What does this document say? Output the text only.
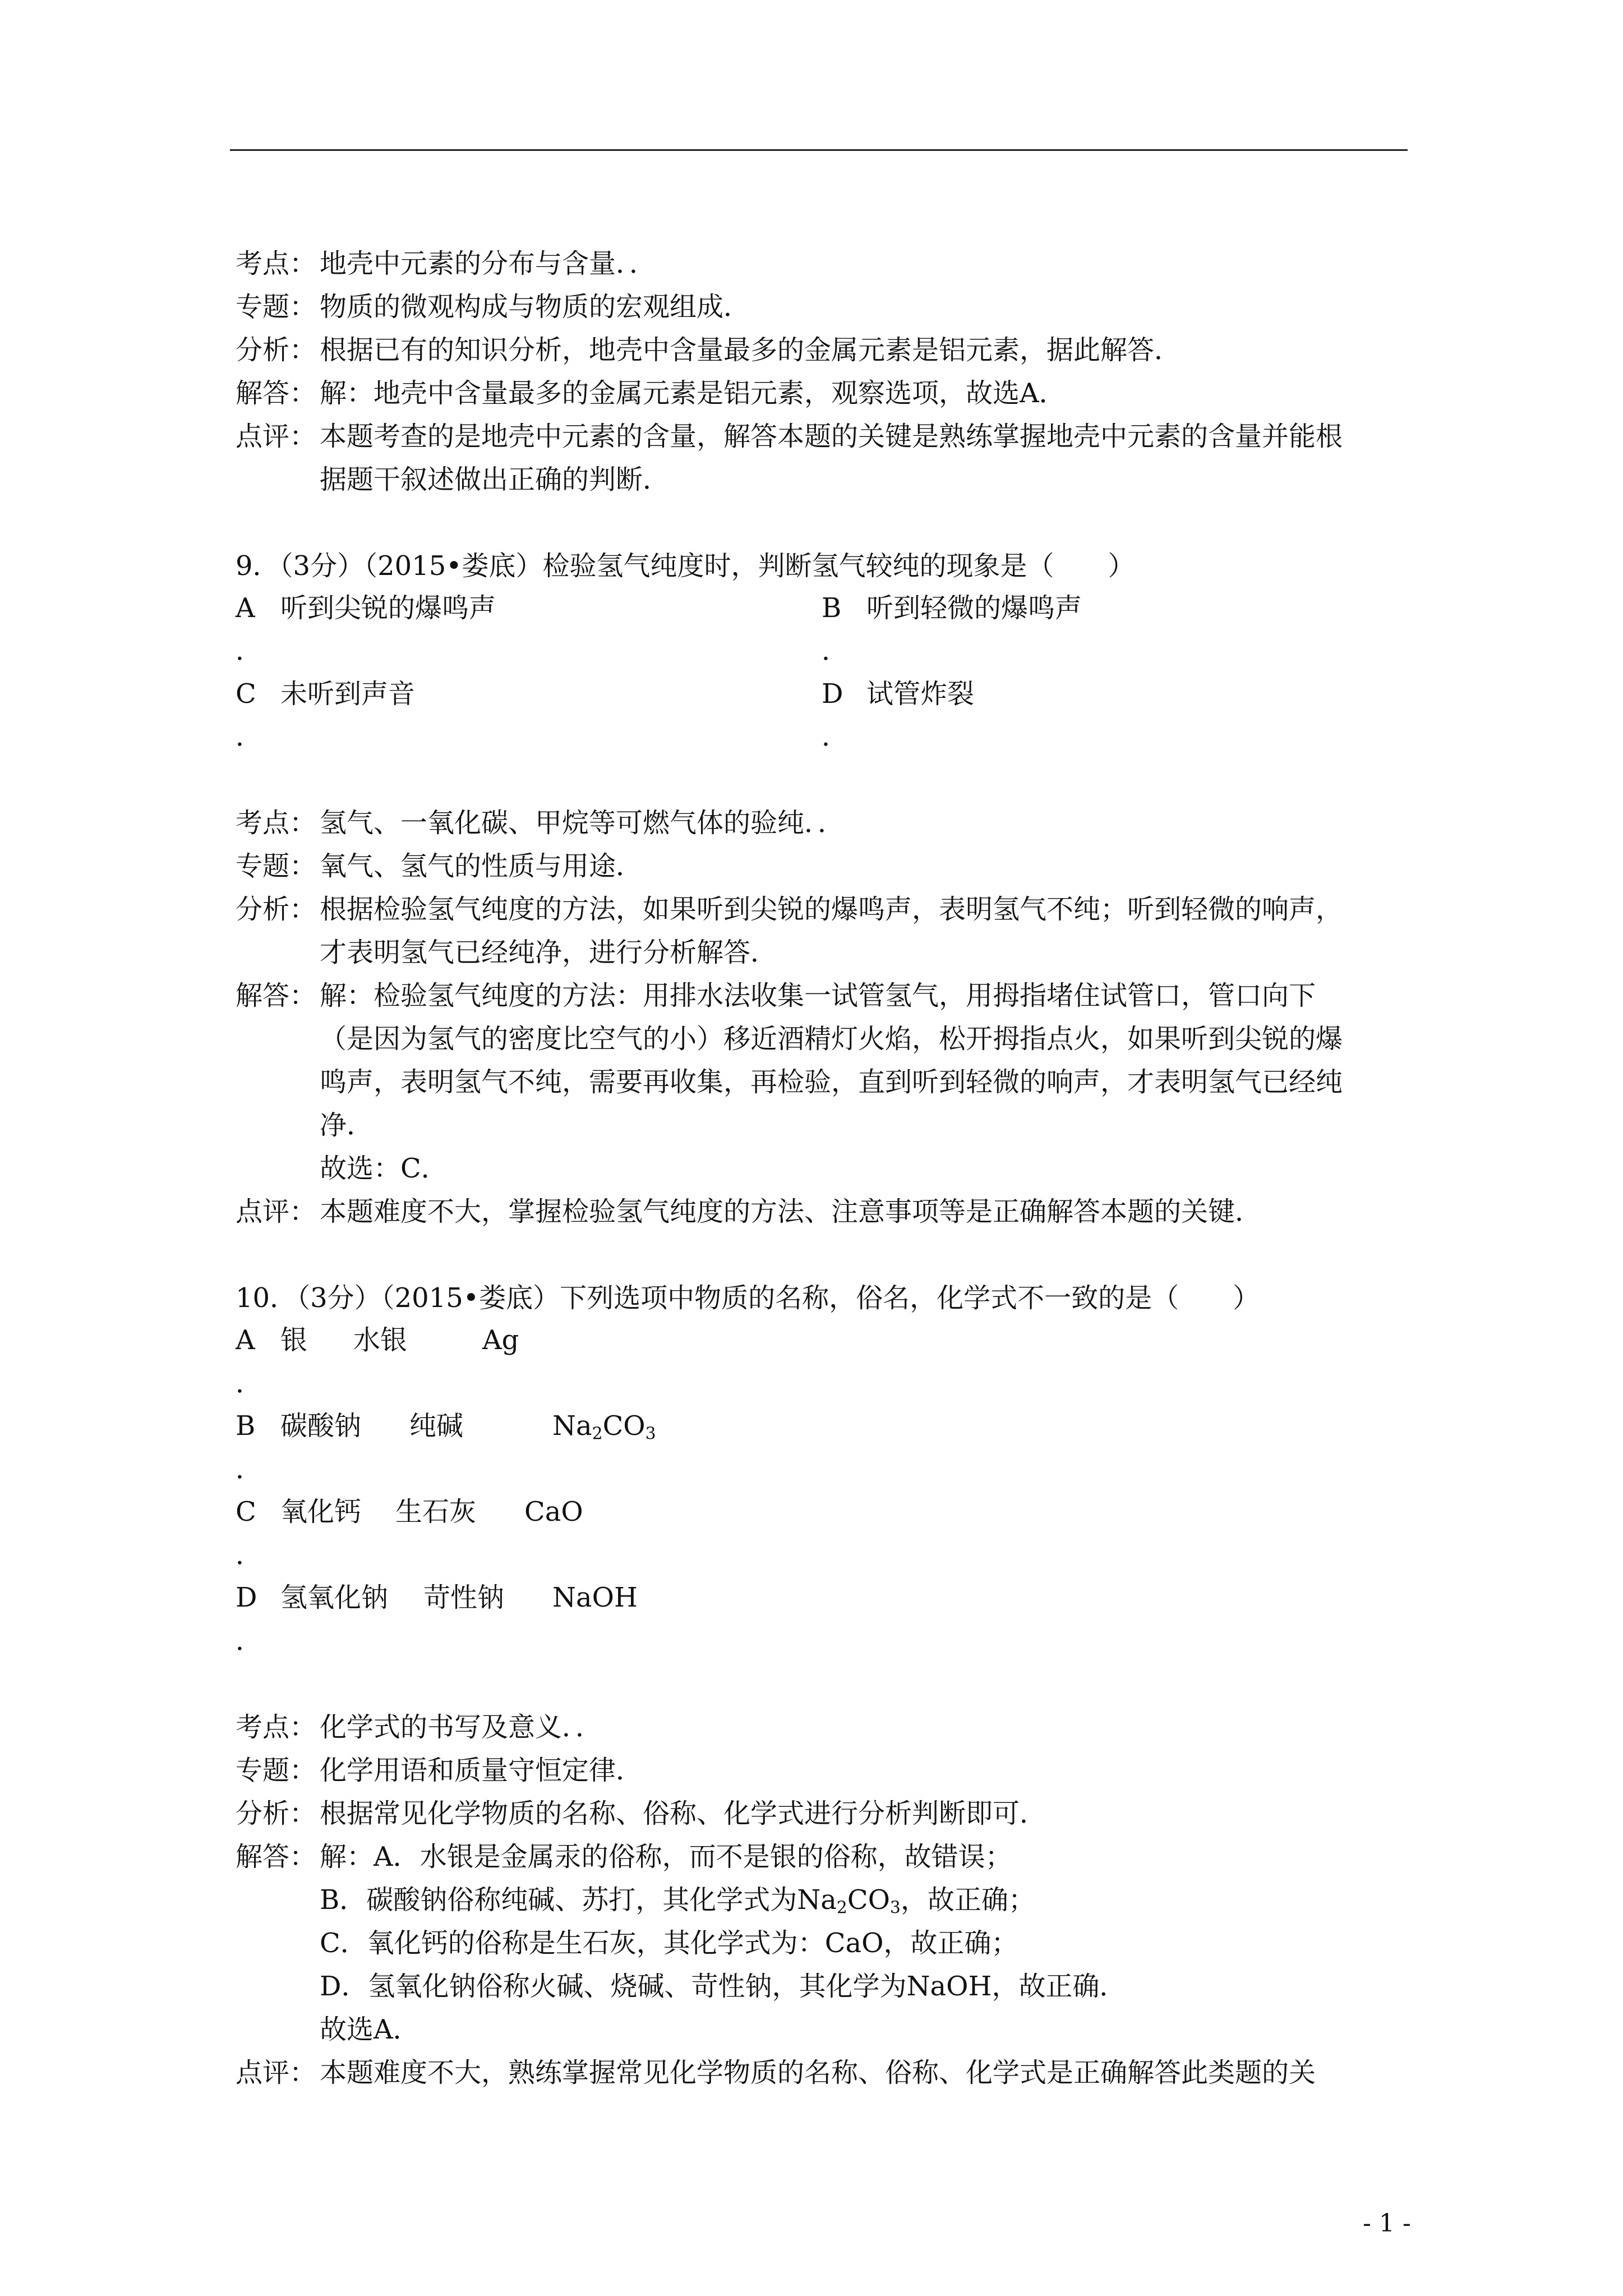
考点： 地壳中元素的分布与含量．．
专题： 物质的微观构成与物质的宏观组成．
分析： 根据已有的知识分析，地壳中含量最多的金属元素是铝元素，据此解答．
解答： 解：地壳中含量最多的金属元素是铝元素，观察选项，故选A．
点评： 本题考查的是地壳中元素的含量，解答本题的关键是熟练掌握地壳中元素的含量并能根
据题干叙述做出正确的判断．
9．（3分）（2015•娄底）检验氢气纯度时，判断氢气较纯的现象是（　　）
A 听到尖锐的爆鸣声
．
B 听到轻微的爆鸣声
．
C 未听到声音
．
D 试管炸裂
．
考点： 氢气、一氧化碳、甲烷等可燃气体的验纯．．
专题： 氧气、氢气的性质与用途．
分析： 根据检验氢气纯度的方法，如果听到尖锐的爆鸣声，表明氢气不纯；听到轻微的响声，
才表明氢气已经纯净，进行分析解答．
解答： 解：检验氢气纯度的方法：用排水法收集一试管氢气，用拇指堵住试管口，管口向下
（是因为氢气的密度比空气的小）移近酒精灯火焰，松开拇指点火，如果听到尖锐的爆
鸣声，表明氢气不纯，需要再收集，再检验，直到听到轻微的响声，才表明氢气已经纯
净．
故选：C．
点评： 本题难度不大，掌握检验氢气纯度的方法、注意事项等是正确解答本题的关键．
10．（3分）（2015•娄底）下列选项中物质的名称，俗名，化学式不一致的是（　　）
A 银 水银	Ag
．
B 碳酸钠 纯碱	$Na_2CO_3$
．
C 氧化钙 生石灰 CaO
．
D 氢氧化钠 苛性钠 NaOH
．
考点： 化学式的书写及意义．．
专题： 化学用语和质量守恒定律．
分析： 根据常见化学物质的名称、俗称、化学式进行分析判断即可．
解答： 解：A．水银是金属汞的俗称，而不是银的俗称，故错误；
B．碳酸钠俗称纯碱、苏打，其化学式为$Na_2CO_3$，故正确；
C．氧化钙的俗称是生石灰，其化学式为：CaO，故正确；
D．氢氧化钠俗称火碱、烧碱、苛性钠，其化学为NaOH，故正确．
故选A．
点评： 本题难度不大，熟练掌握常见化学物质的名称、俗称、化学式是正确解答此类题的关
- 1 -
